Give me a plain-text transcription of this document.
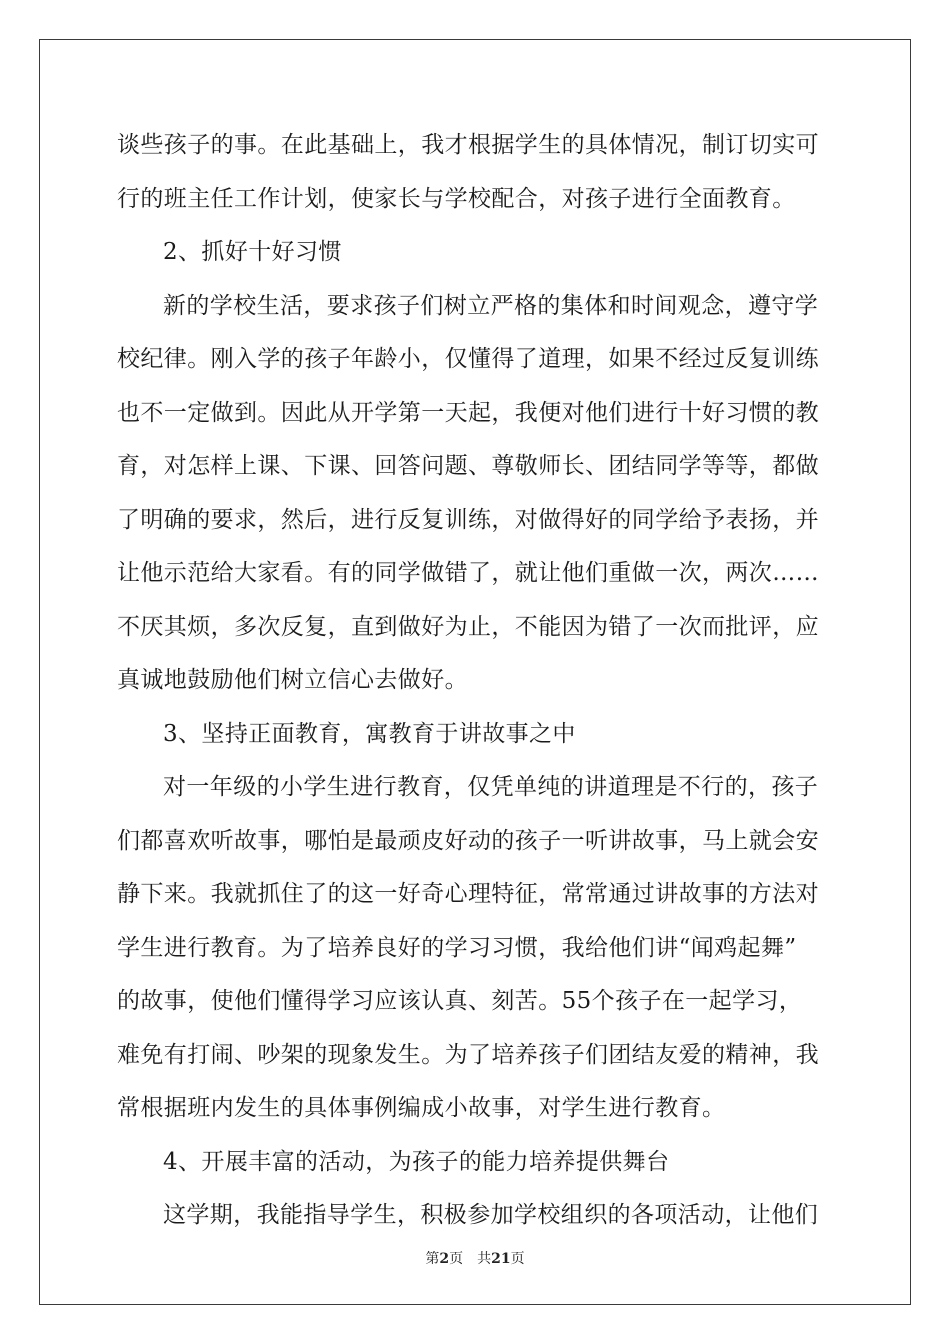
谈些孩子的事。在此基础上，我才根据学生的具体情况，制订切实可
行的班主任工作计划，使家长与学校配合，对孩子进行全面教育。
2、抓好十好习惯
新的学校生活，要求孩子们树立严格的集体和时间观念，遵守学
校纪律。刚入学的孩子年龄小，仅懂得了道理，如果不经过反复训练
也不一定做到。因此从开学第一天起，我便对他们进行十好习惯的教
育，对怎样上课、下课、回答问题、尊敬师长、团结同学等等，都做
了明确的要求，然后，进行反复训练，对做得好的同学给予表扬，并
让他示范给大家看。有的同学做错了，就让他们重做一次，两次……
不厌其烦，多次反复，直到做好为止，不能因为错了一次而批评，应
真诚地鼓励他们树立信心去做好。
3、坚持正面教育，寓教育于讲故事之中
对一年级的小学生进行教育，仅凭单纯的讲道理是不行的，孩子
们都喜欢听故事，哪怕是最顽皮好动的孩子一听讲故事，马上就会安
静下来。我就抓住了的这一好奇心理特征，常常通过讲故事的方法对
学生进行教育。为了培养良好的学习习惯，我给他们讲“闻鸡起舞”
的故事，使他们懂得学习应该认真、刻苦。55个孩子在一起学习，
难免有打闹、吵架的现象发生。为了培养孩子们团结友爱的精神，我
常根据班内发生的具体事例编成小故事，对学生进行教育。
4、开展丰富的活动，为孩子的能力培养提供舞台
这学期，我能指导学生，积极参加学校组织的各项活动，让他们
第2页　共21页
